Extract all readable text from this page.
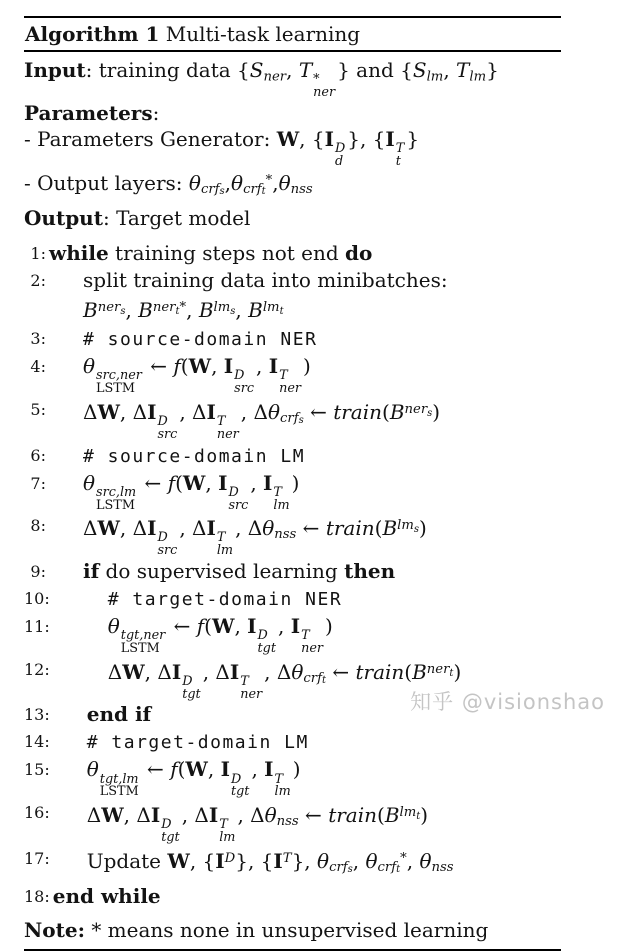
Algorithm 1 Multi-task learning
Input: training data {Sner, T *
ner
} and {Slm, Tlm}
Parameters:
- Parameters Generator: W, {I D
d
}, {I T
t
}
- Output layers: θcrf$_s$,θcrf$_t$*,θnss
Output: Target model
1: while training steps not end do
2:	split training data into minibatches:
$B^{ner}s$, $B^{ner}t^*$, $B^{lm}s$, $B^{lm}t$
3:	# source-domain NER
4:	θ src,ner
LSTM
← f(W, I D
src
, I T
ner
)
5:	ΔW, ΔI D
src
, ΔI T
ner
, Δθcrf$_s$ ← $train(B^{ner}s)$
6:	# source-domain LM
7:	θ src,lm
LSTM
← f(W, I D
src
, I T
lm
)
8:	ΔW, ΔI D
src
, ΔI T
lm
, Δθnss ← $train(B^{lm}s)$
9:	if do supervised learning then
10:	# target-domain NER
11:	θ tgt,ner
LSTM
← f(W, I D
tgt
, I T
ner
)
12:	ΔW, ΔI D
tgt
, ΔI T
ner
, Δθcrf$_t$ ← $train(B^{ner}t)$
13:	end if
14:	# target-domain LM
15:	θ tgt,lm
LSTM
← f(W, I D
tgt
, I T
lm
)
16:	ΔW, ΔI D
tgt
, ΔI T
lm
, Δθnss ← $train(B^{lm}t)$
17:	Update W, $\{I^D\}$, $\{I^T\}$, θcrf$_s$, θcrf$_t$*, θnss
18: end while
Note: * means none in unsupervised learning
知乎 @visionshao
